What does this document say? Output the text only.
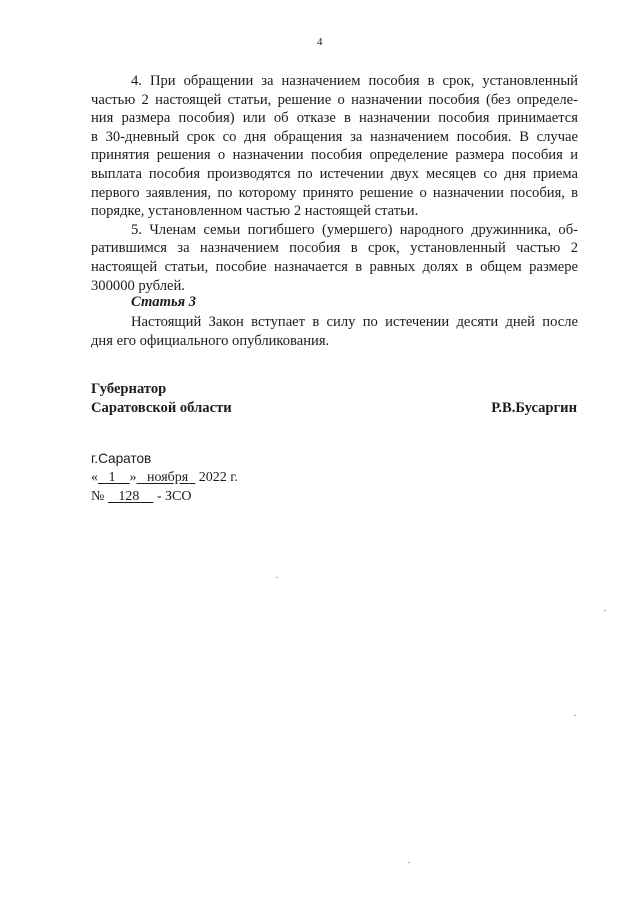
4
4. При обращении за назначением пособия в срок, установленный
частью 2 настоящей статьи, решение о назначении пособия (без определе-
ния размера пособия) или об отказе в назначении пособия принимается
в 30-дневный срок со дня обращения за назначением пособия. В случае
принятия решения о назначении пособия определение размера пособия и
выплата пособия производятся по истечении двух месяцев со дня приема
первого заявления, по которому принято решение о назначении пособия, в
порядке, установленном частью 2 настоящей статьи.
5. Членам семьи погибшего (умершего) народного дружинника, об-
ратившимся за назначением пособия в срок, установленный частью 2
настоящей статьи, пособие назначается в равных долях в общем размере
300000 рублей.
Статья 3
Настоящий Закон вступает в силу по истечении десяти дней после
дня его официального опубликования.
Губернатор
Саратовской области	Р.В.Бусаргин
г.Саратов
« 1 » ноября 2022 г.
№ 128 - ЗСО
